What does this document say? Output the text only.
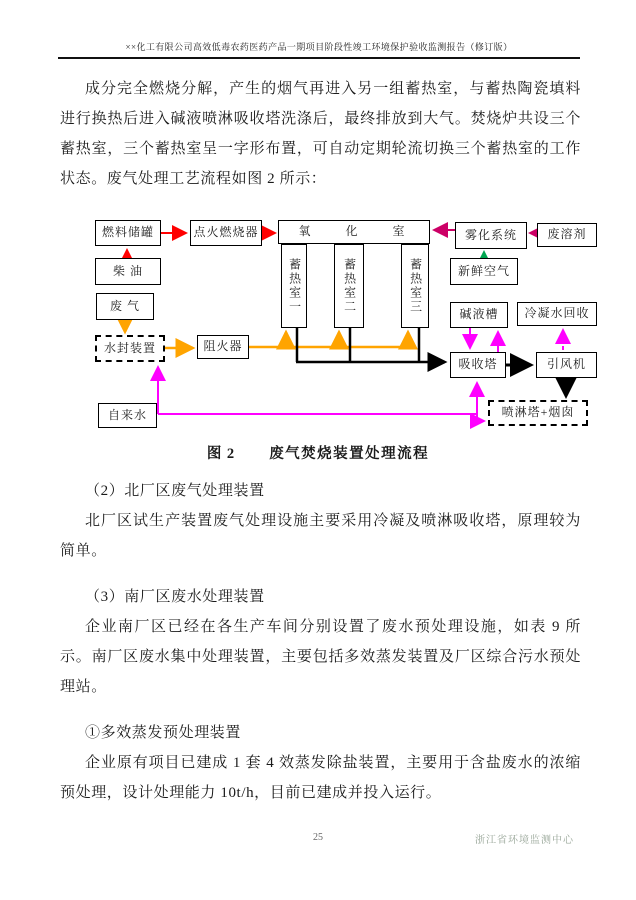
××化工有限公司高效低毒农药医药产品一期项目阶段性竣工环境保护验收监测报告（修订版）

成分完全燃烧分解，产生的烟气再进入另一组蓄热室，与蓄热陶瓷填料进行换热后进入碱液喷淋吸收塔洗涤后，最终排放到大气。焚烧炉共设三个蓄热室，三个蓄热室呈一字形布置，可自动定期轮流切换三个蓄热室的工作状态。废气处理工艺流程如图 2 所示：

燃料储罐	点火燃烧器	氧 化 室
蓄热室一	蓄热室二	蓄热室三
柴 油
废 气
水封装置	阻火器
自来水
雾化系统	废溶剂
新鲜空气
碱液槽	冷凝水回收
吸收塔	引风机
喷淋塔+烟囱
图 2 废气焚烧装置处理流程

（2）北厂区废气处理装置

北厂区试生产装置废气处理设施主要采用冷凝及喷淋吸收塔，原理较为简单。

（3）南厂区废水处理装置

企业南厂区已经在各生产车间分别设置了废水预处理设施，如表 9 所示。南厂区废水集中处理装置，主要包括多效蒸发装置及厂区综合污水预处理站。

①多效蒸发预处理装置

企业原有项目已建成 1 套 4 效蒸发除盐装置，主要用于含盐废水的浓缩预处理，设计处理能力 10t/h，目前已建成并投入运行。

25	浙江省环境监测中心
